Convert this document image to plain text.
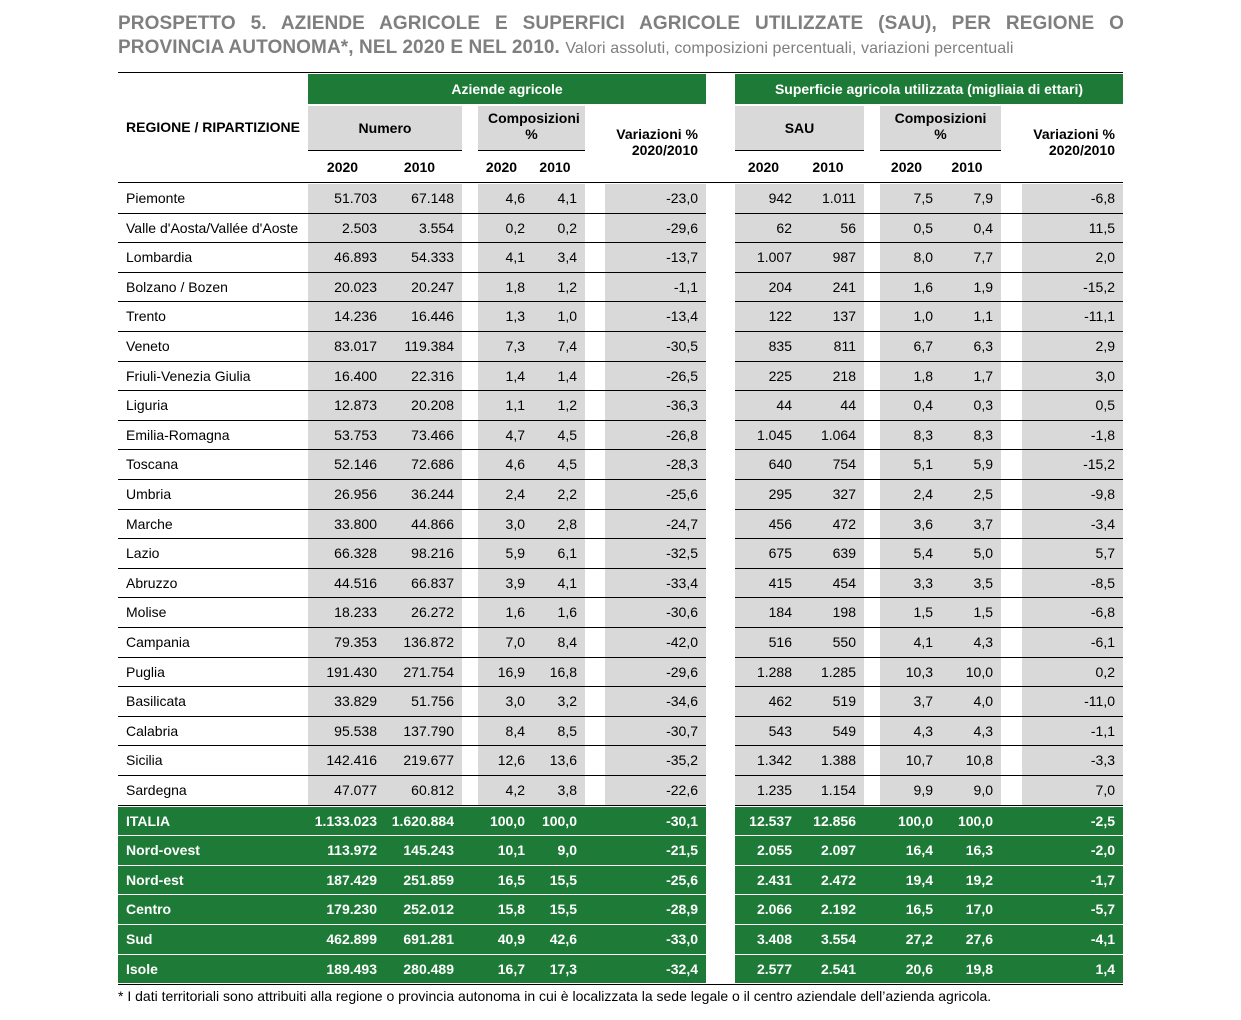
PROSPETTO 5. AZIENDE AGRICOLE E SUPERFICI AGRICOLE UTILIZZATE (SAU), PER REGIONE O PROVINCIA AUTONOMA*, NEL 2020 E NEL 2010. Valori assoluti, composizioni percentuali, variazioni percentuali
Aziende agricole	Superficie agricola utilizzata (migliaia di ettari)
REGIONE / RIPARTIZIONE	Numero
Composizioni %	Variazioni % 2020/2010
SAU
Composizioni %	Variazioni % 2020/2010
2020	2010	2020	2010	2020	2010	2020	2010
Piemonte	51.703	67.148	4,6	4,1	-23,0	942	1.011	7,5	7,9	-6,8
Valle d'Aosta/Vallée d'Aoste	2.503	3.554	0,2	0,2	-29,6	62	56	0,5	0,4	11,5
Lombardia	46.893	54.333	4,1	3,4	-13,7	1.007	987	8,0	7,7	2,0
Bolzano / Bozen	20.023	20.247	1,8	1,2	-1,1	204	241	1,6	1,9	-15,2
Trento	14.236	16.446	1,3	1,0	-13,4	122	137	1,0	1,1	-11,1
Veneto	83.017	119.384	7,3	7,4	-30,5	835	811	6,7	6,3	2,9
Friuli-Venezia Giulia	16.400	22.316	1,4	1,4	-26,5	225	218	1,8	1,7	3,0
Liguria	12.873	20.208	1,1	1,2	-36,3	44	44	0,4	0,3	0,5
Emilia-Romagna	53.753	73.466	4,7	4,5	-26,8	1.045	1.064	8,3	8,3	-1,8
Toscana	52.146	72.686	4,6	4,5	-28,3	640	754	5,1	5,9	-15,2
Umbria	26.956	36.244	2,4	2,2	-25,6	295	327	2,4	2,5	-9,8
Marche	33.800	44.866	3,0	2,8	-24,7	456	472	3,6	3,7	-3,4
Lazio	66.328	98.216	5,9	6,1	-32,5	675	639	5,4	5,0	5,7
Abruzzo	44.516	66.837	3,9	4,1	-33,4	415	454	3,3	3,5	-8,5
Molise	18.233	26.272	1,6	1,6	-30,6	184	198	1,5	1,5	-6,8
Campania	79.353	136.872	7,0	8,4	-42,0	516	550	4,1	4,3	-6,1
Puglia	191.430	271.754	16,9	16,8	-29,6	1.288	1.285	10,3	10,0	0,2
Basilicata	33.829	51.756	3,0	3,2	-34,6	462	519	3,7	4,0	-11,0
Calabria	95.538	137.790	8,4	8,5	-30,7	543	549	4,3	4,3	-1,1
Sicilia	142.416	219.677	12,6	13,6	-35,2	1.342	1.388	10,7	10,8	-3,3
Sardegna	47.077	60.812	4,2	3,8	-22,6	1.235	1.154	9,9	9,0	7,0
ITALIA	1.133.023	1.620.884	100,0	100,0	-30,1	12.537	12.856	100,0	100,0	-2,5
Nord-ovest	113.972	145.243	10,1	9,0	-21,5	2.055	2.097	16,4	16,3	-2,0
Nord-est	187.429	251.859	16,5	15,5	-25,6	2.431	2.472	19,4	19,2	-1,7
Centro	179.230	252.012	15,8	15,5	-28,9	2.066	2.192	16,5	17,0	-5,7
Sud	462.899	691.281	40,9	42,6	-33,0	3.408	3.554	27,2	27,6	-4,1
Isole	189.493	280.489	16,7	17,3	-32,4	2.577	2.541	20,6	19,8	1,4
* I dati territoriali sono attribuiti alla regione o provincia autonoma in cui è localizzata la sede legale o il centro aziendale dell’azienda agricola.
